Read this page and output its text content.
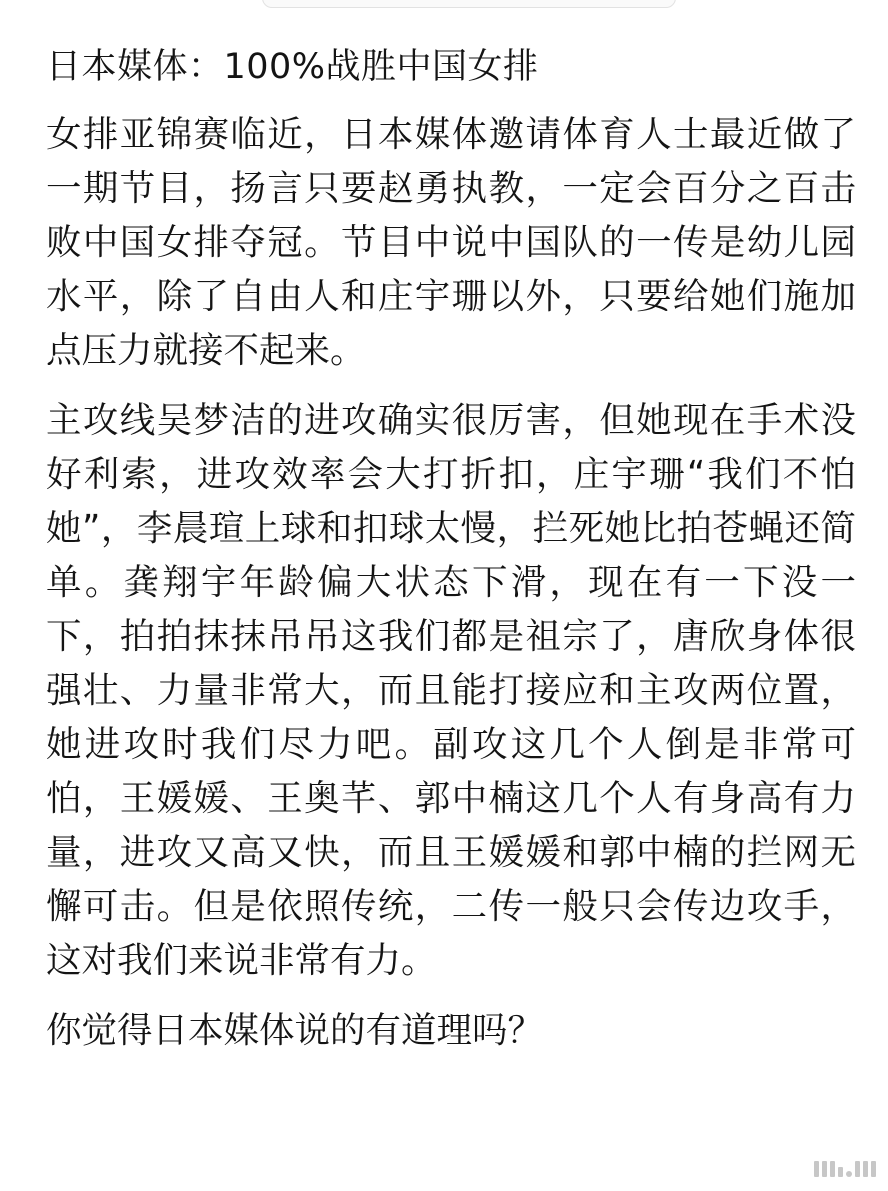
日本媒体：100%战胜中国女排

女排亚锦赛临近，日本媒体邀请体育人士最近做了一期节目，扬言只要赵勇执教，一定会百分之百击败中国女排夺冠。节目中说中国队的一传是幼儿园水平，除了自由人和庄宇珊以外，只要给她们施加点压力就接不起来。

主攻线吴梦洁的进攻确实很厉害，但她现在手术没好利索，进攻效率会大打折扣，庄宇珊“我们不怕她”，李晨瑄上球和扣球太慢，拦死她比拍苍蝇还简单。龚翔宇年龄偏大状态下滑，现在有一下没一下，拍拍抹抹吊吊这我们都是祖宗了，唐欣身体很强壮、力量非常大，而且能打接应和主攻两位置，她进攻时我们尽力吧。副攻这几个人倒是非常可怕，王媛媛、王奥芊、郭中楠这几个人有身高有力量，进攻又高又快，而且王媛媛和郭中楠的拦网无懈可击。但是依照传统，二传一般只会传边攻手，这对我们来说非常有力。

你觉得日本媒体说的有道理吗？
